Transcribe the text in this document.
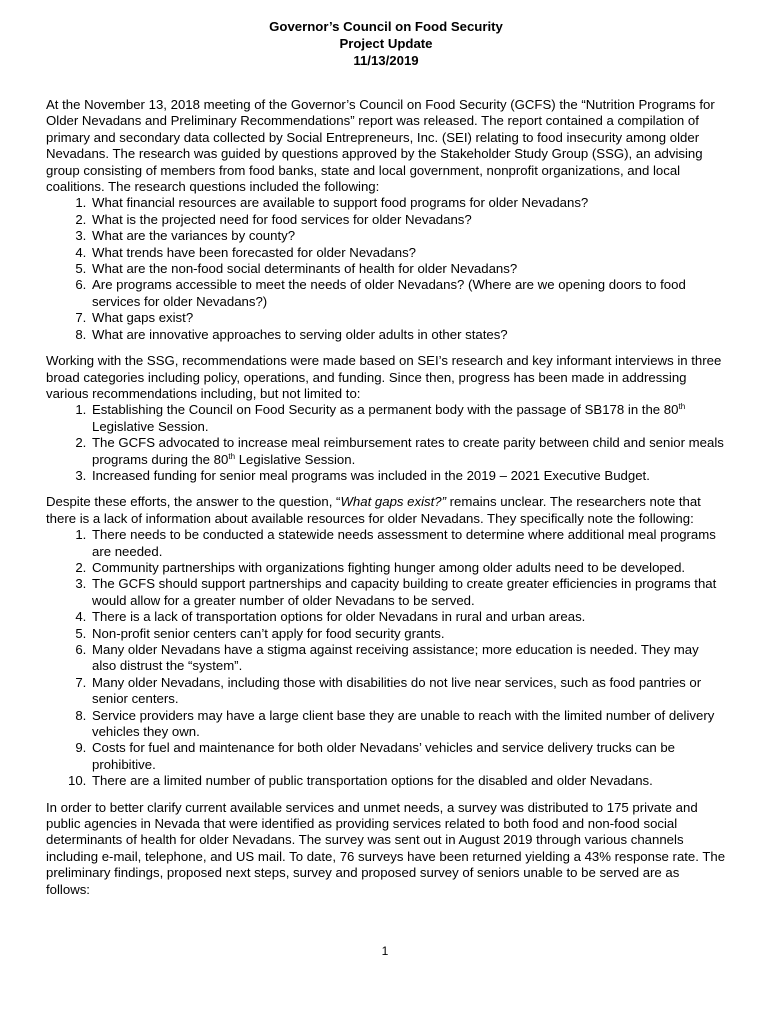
Governor’s Council on Food Security
Project Update
11/13/2019

At the November 13, 2018 meeting of the Governor’s Council on Food Security (GCFS) the “Nutrition Programs for Older Nevadans and Preliminary Recommendations” report was released. The report contained a compilation of primary and secondary data collected by Social Entrepreneurs, Inc. (SEI) relating to food insecurity among older Nevadans. The research was guided by questions approved by the Stakeholder Study Group (SSG), an advising group consisting of members from food banks, state and local government, nonprofit organizations, and local coalitions. The research questions included the following:

1. What financial resources are available to support food programs for older Nevadans?
2. What is the projected need for food services for older Nevadans?
3. What are the variances by county?
4. What trends have been forecasted for older Nevadans?
5. What are the non-food social determinants of health for older Nevadans?
6. Are programs accessible to meet the needs of older Nevadans? (Where are we opening doors to food services for older Nevadans?)
7. What gaps exist?
8. What are innovative approaches to serving older adults in other states?

Working with the SSG, recommendations were made based on SEI’s research and key informant interviews in three broad categories including policy, operations, and funding. Since then, progress has been made in addressing various recommendations including, but not limited to:

1. Establishing the Council on Food Security as a permanent body with the passage of SB178 in the 80th Legislative Session.
2. The GCFS advocated to increase meal reimbursement rates to create parity between child and senior meals programs during the 80th Legislative Session.
3. Increased funding for senior meal programs was included in the 2019 – 2021 Executive Budget.

Despite these efforts, the answer to the question, “What gaps exist?” remains unclear. The researchers note that there is a lack of information about available resources for older Nevadans. They specifically note the following:

1. There needs to be conducted a statewide needs assessment to determine where additional meal programs are needed.
2. Community partnerships with organizations fighting hunger among older adults need to be developed.
3. The GCFS should support partnerships and capacity building to create greater efficiencies in programs that would allow for a greater number of older Nevadans to be served.
4. There is a lack of transportation options for older Nevadans in rural and urban areas.
5. Non-profit senior centers can’t apply for food security grants.
6. Many older Nevadans have a stigma against receiving assistance; more education is needed. They may also distrust the “system”.
7. Many older Nevadans, including those with disabilities do not live near services, such as food pantries or senior centers.
8. Service providers may have a large client base they are unable to reach with the limited number of delivery vehicles they own.
9. Costs for fuel and maintenance for both older Nevadans’ vehicles and service delivery trucks can be prohibitive.
10. There are a limited number of public transportation options for the disabled and older Nevadans.

In order to better clarify current available services and unmet needs, a survey was distributed to 175 private and public agencies in Nevada that were identified as providing services related to both food and non-food social determinants of health for older Nevadans. The survey was sent out in August 2019 through various channels including e-mail, telephone, and US mail. To date, 76 surveys have been returned yielding a 43% response rate. The preliminary findings, proposed next steps, survey and proposed survey of seniors unable to be served are as follows:

1
